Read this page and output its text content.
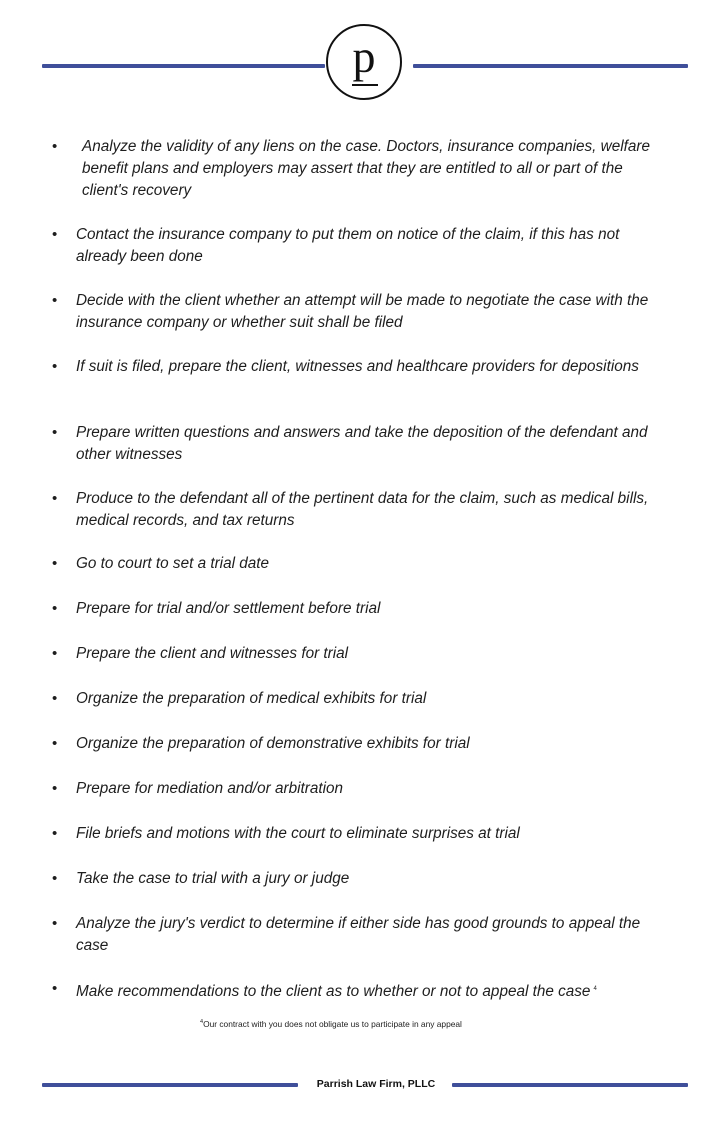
p
•	Analyze the validity of any liens on the case. Doctors, insurance companies, welfare  benefit plans and employers may assert that they are entitled to all or part of the client's recovery
•	Contact the insurance company to put them on notice of the claim, if this has not already been done
•	Decide with the client whether an attempt will be made to negotiate the case with the insurance company or whether suit shall be filed
•	If suit is filed, prepare the client, witnesses and healthcare providers for depositions
•	Prepare written questions and answers and take the deposition of the defendant and other witnesses
•	Produce to the defendant all of the pertinent data for the claim, such as medical bills, medical records, and tax returns
•	Go to court to set a trial date
•	Prepare for trial and/or settlement before trial
•	Prepare the client and witnesses for trial
•	Organize the preparation of medical exhibits for trial
•	Organize the preparation of demonstrative exhibits for trial
•	Prepare for mediation and/or arbitration
•	File briefs and motions with the court to eliminate surprises at trial
•	Take the case to trial with a jury or judge
•	Analyze the jury's verdict to determine if either side has good grounds to appeal the case
•	Make recommendations to the client as to whether or not to appeal the case $^4$
$^4$Our contract with you does not obligate us to participate in any appeal
Parrish Law Firm, PLLC
